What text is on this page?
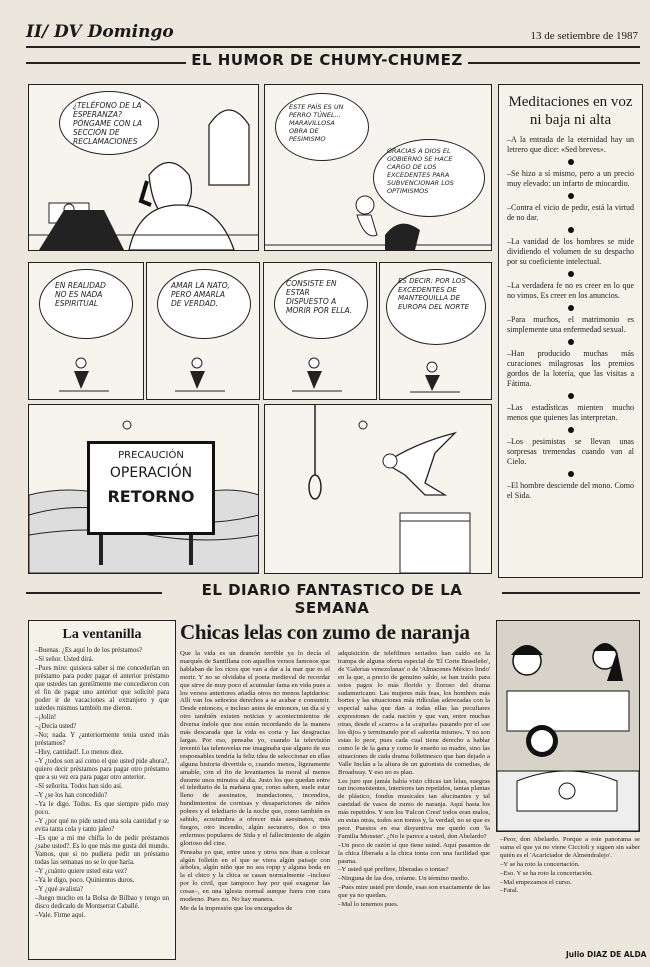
II/ DV Domingo	13 de setiembre de 1987
EL HUMOR DE CHUMY-CHUMEZ
¿TELÉFONO DE LA ESPERANZA? PÓNGAME CON LA SECCIÓN DE RECLAMACIONES
ESTE PAÍS ES UN PERRO TÚNEL... MARAVILLOSA OBRA DE PESIMISMO
GRACIAS A DIOS EL GOBIERNO SE HACE CARGO DE LOS EXCEDENTES PARA SUBVENCIONAR LOS OPTIMISMOS
EN REALIDAD NO ES NADA ESPIRITUAL
AMAR LA NATO, PERO AMARLA DE VERDAD.
CONSISTE EN ESTAR DISPUESTO A MORIR POR ELLA.
ES DECIR: POR LOS EXCEDENTES DE MANTEQUILLA DE EUROPA DEL NORTE
PRECAUCIÓN
OPERACIÓN
RETORNO
Meditaciones en voz ni baja ni alta

–A la entrada de la eternidad hay un letrero que dice: «Sed breves».

–Se hizo a sí mismo, pero a un precio muy elevado: un infarto de miocardio.

–Contra el vicio de pedir, está la virtud de no dar.

–La vanidad de los hombres se mide dividiendo el volumen de su despacho por su coeficiente intelectual.

–La verdadera fe no es creer en lo que no vimos. Es creer en los anuncios.

–Para muchos, el matrimonio es simplemente una enfermedad sexual.

–Han producido muchas más curaciones milagrosas los premios gordos de la lotería, que las visitas a Fátima.

–Las estadísticas mienten mucho menos que quienes las interpretan.

–Los pesimistas se llevan unas sorpresas tremendas cuando van al Cielo.

–El hombre desciende del mono. Como el Sida.

EL DIARIO FANTASTICO DE LA SEMANA
La ventanilla

–Buenas. ¿Es aquí lo de los préstamos?

–Sí señor. Usted dirá.

–Pues mire: quisiera saber si me concederían un préstamo para poder pagar el anterior préstamo que ustedes tan gentilmente me concedieron con el fin de pagar uno anterior que solicité para poder ir de vacaciones al extranjero y que ustedes mismos también me dieron.

–¡Jolín!

–¿Decía usted?

–No; nada. Y ¿anteriormente tenía usted más préstamos?

–Huy, cantidad!. Lo menos diez.

–Y ¿todos son así como el que usted pide ahora?, quiero decir préstamos para pagar otro préstamo que a su vez era para pagar otro anterior.

–Sí señorita. Todos han sido así.

–Y ¿se los han concedido?

–Ya le digo. Todos. Es que siempre pido muy poco.

–Y ¿por qué no pide usted una sola cantidad y se evita tanta cola y tanto jaleo?

–Es que a mí me chifla lo de pedir préstamos ¿sabe usted?. Es lo que más me gusta del mundo. Vamos, que si no pudiera pedir un préstamo todas las semanas no se lo que haría.

–Y ¿cuánto quiere usted esta vez?

–Ya le digo, poco. Quinientos duros.

–Y ¿qué avalista?

–Juego mucho en la Bolsa de Bilbao y tengo un disco dedicado de Montserrat Caballé.

–Vale. Firme aquí.

Chicas lelas con zumo de naranja

Que la vida es un dramón terrible ya lo decía el marqués de Santillana con aquellos versos famosos que hablaban de los ricos que van a dar a la mar que es el morir. Y no se olvidaba el poeta medieval de recordar que sirve de muy poco el acumular fama en vida pues a los versos anteriores añadía otros no menos lapidarios: Allí van los señoríos derechos a se acabar e consumir. Desde entonces, e incluso antes de entonces, un día sí y otro también existen noticias y acontecimientos de diversa índole que nos están recordando de la manera más descarada que la vida es corta y las desgracias largas. Por eso, pensaba yo, cuando la televisión inventó las telenovelas me imaginaba que alguno de sus responsables tendría la feliz idea de seleccionar en ellas alguna historia divertida o, cuando menos, ligeramente amable, con el fin de levantarnos la moral al menos durante unos minutos al día. Justo los que quedan entre el telediario de la mañana que, como saben, suele estar lleno de asesinatos, inundaciones, incendios, hundimientos de cornisas y desapariciones de niños pobres y el telediario de la noche que, como también es sabido, acostumbra a ofrecer más asesinatos, más fuegos, otro incendio, algún secuestro, dos o tres enfermos populares de Sida y el fallecimiento de algún glorioso del cine.

Pensaba yo que, entre unos y otros nos iban a colocar algún folletín en el que se viera algún paisaje con árboles, algún niño que no sea ropip y alguna boda en la el chico y la chica se casan normalmente –incluso por lo civil, que tampoco hay por qué exagerar las cosas–, en una iglesia normal aunque fuera con cura moderno. Pues no. No hay manera.

Me da la impresión que los encargados de

adquisición de telefilmes seriados han caído en la trampa de alguna oferta especial de 'El Corte Brasileño', de 'Galerías venezolanas' o de 'Almacenes México lindo' en la que, a precio de genuino saldo, se han traído para estos pagos lo más florido y lloroso del drama sudamericano. Las mujeres más feas, los hombres más bortes y las situaciones más ridículas aderezadas con la especial salsa que dan a todas ellas las peculiares expresiones de cada nación y que van, entre muchas otras, desde el «carro» a la «cajuela» pasando por el «se los dijo» y terminando por el «ahorita mismo». Y no son estas lo peor, pues cada cual tiene derecho a hablar como le de la gana y como le enseño su madre, sino las situaciones de cada drama folletinesco que han dejado a Valle Inclán a la altura de un guionista de comedias, de Broadway. Y eso no es plan.

Les juro que jamás había visto chicas tan lelas, suegras tan inconsistentes, interiores tan repetidos, tantas plantas de plástico, fondos musicales tan alucinantes y tal cantidad de vasos de zumo de naranja. Aquí hasta los más repetidos. Y son los 'Falcon Crest' todos eran malos, en estas otras, todos son tontos y, la verdad, no se que es peor. Puestos en esa disyuntiva me quedo con 'la Familia Monster'. ¿No le parece a usted, don Abelardo?

–Un poco de razón sí que tiene usted. Aquí pasamos de la chica liberada a la chica tonta con una facilidad que pasma.

–Y usted qué prefiere, liberadas o tontas?

–Ninguna de las dos, créame. Un término medio.

–Pues mire usted por donde, esas son exactamente de las que ya no quedan.

–Mal lo tenemos pues.

–Peor, don Abelardo. Porque a este panorama se suma el que ya no viene Ciccioli y siguen sin saber quién es el 'Acariciador de Almendralejo'.

–Y se ha roto la concertación.

–Eso. Y se ha roto la concertación.

–Mal empezamos el curso.

–Fatal.

Julio DIAZ DE ALDA
